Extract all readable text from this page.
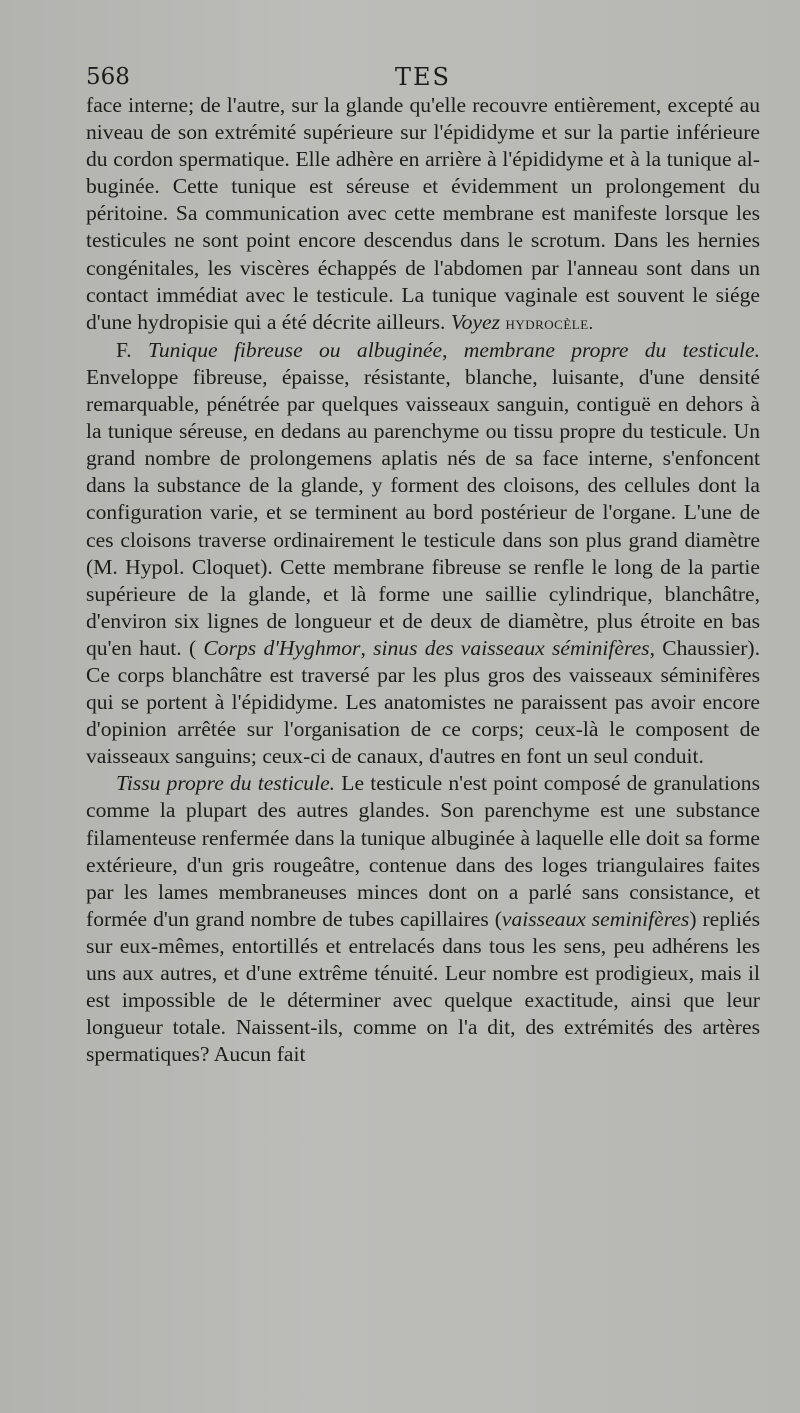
568	TES

face interne; de l'autre, sur la glande qu'elle recouvre entièrement, excepté au niveau de son extrémité supérieure sur l'épididyme et sur la partie inférieure du cordon spermatique. Elle adhère en arrière à l'épididyme et à la tunique albuginée. Cette tunique est séreuse et évidemment un prolongement du péritoine. Sa communication avec cette membrane est manifeste lorsque les testicules ne sont point encore descendus dans le scrotum. Dans les hernies congénitales, les viscères échappés de l'abdomen par l'anneau sont dans un contact immédiat avec le testicule. La tunique vaginale est souvent le siége d'une hydropisie qui a été décrite ailleurs. Voyez hydrocèle.

F. Tunique fibreuse ou albuginée, membrane propre du testicule. Enveloppe fibreuse, épaisse, résistante, blanche, luisante, d'une densité remarquable, pénétrée par quelques vaisseaux sanguin, contiguë en dehors à la tunique séreuse, en dedans au parenchyme ou tissu propre du testicule. Un grand nombre de prolongemens aplatis nés de sa face interne, s'enfoncent dans la substance de la glande, y forment des cloisons, des cellules dont la configuration varie, et se terminent au bord postérieur de l'organe. L'une de ces cloisons traverse ordinairement le testicule dans son plus grand diamètre (M. Hypol. Cloquet). Cette membrane fibreuse se renfle le long de la partie supérieure de la glande, et là forme une saillie cylindrique, blanchâtre, d'environ six lignes de longueur et de deux de diamètre, plus étroite en bas qu'en haut. ( Corps d'Hyghmor, sinus des vaisseaux séminifères, Chaussier). Ce corps blanchâtre est traversé par les plus gros des vaisseaux séminifères qui se portent à l'épididyme. Les anatomistes ne paraissent pas avoir encore d'opinion arrêtée sur l'organisation de ce corps; ceux-là le composent de vaisseaux sanguins; ceux-ci de canaux, d'autres en font un seul conduit.

Tissu propre du testicule. Le testicule n'est point composé de granulations comme la plupart des autres glandes. Son parenchyme est une substance filamenteuse renfermée dans la tunique albuginée à laquelle elle doit sa forme extérieure, d'un gris rougeâtre, contenue dans des loges triangulaires faites par les lames membraneuses minces dont on a parlé sans consistance, et formée d'un grand nombre de tubes capillaires (vaisseaux seminifères) repliés sur eux-mêmes, entortillés et entrelacés dans tous les sens, peu adhérens les uns aux autres, et d'une extrême ténuité. Leur nombre est prodigieux, mais il est impossible de le déterminer avec quelque exactitude, ainsi que leur longueur totale. Naissent-ils, comme on l'a dit, des extrémités des artères spermatiques? Aucun fait
